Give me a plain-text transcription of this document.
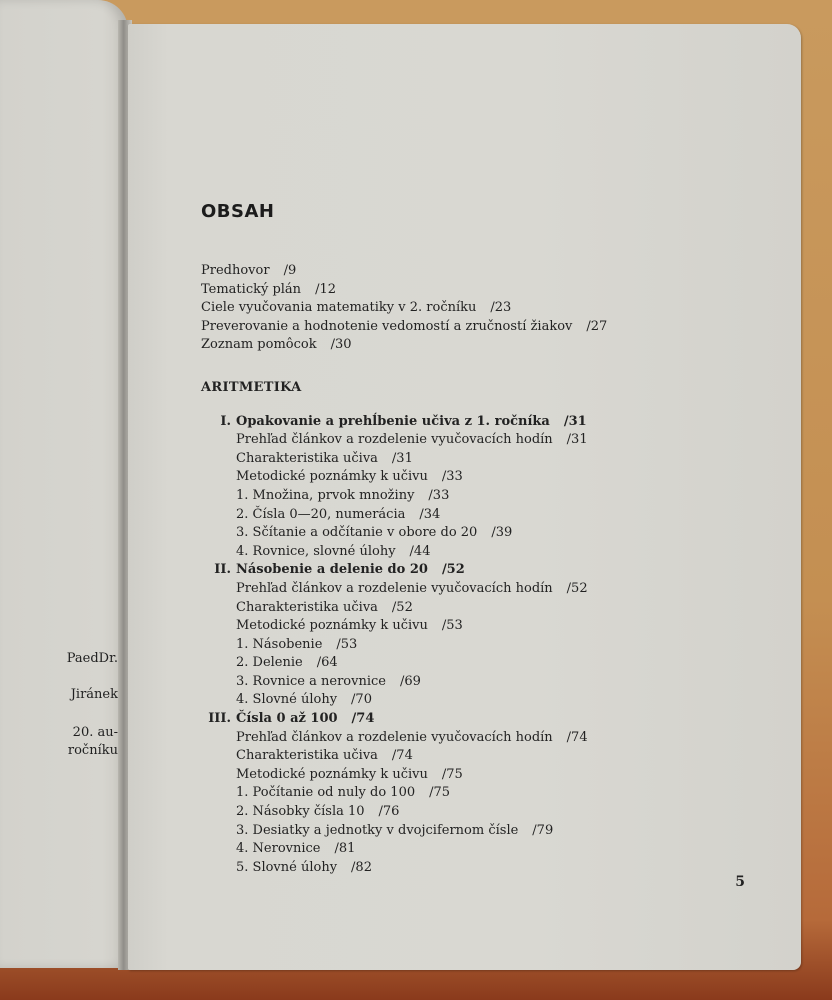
PaedDr.
Jiránek
20. au-
ročníku
OBSAH
Predhovor /9
Tematický plán /12
Ciele vyučovania matematiky v 2. ročníku /23
Preverovanie a hodnotenie vedomostí a zručností žiakov /27
Zoznam pomôcok /30
ARITMETIKA
I. Opakovanie a prehĺbenie učiva z 1. ročníka /31
Prehľad článkov a rozdelenie vyučovacích hodín /31
Charakteristika učiva /31
Metodické poznámky k učivu /33
1. Množina, prvok množiny /33
2. Čísla 0—20, numerácia /34
3. Sčítanie a odčítanie v obore do 20 /39
4. Rovnice, slovné úlohy /44
II. Násobenie a delenie do 20 /52
Prehľad článkov a rozdelenie vyučovacích hodín /52
Charakteristika učiva /52
Metodické poznámky k učivu /53
1. Násobenie /53
2. Delenie /64
3. Rovnice a nerovnice /69
4. Slovné úlohy /70
III. Čísla 0 až 100 /74
Prehľad článkov a rozdelenie vyučovacích hodín /74
Charakteristika učiva /74
Metodické poznámky k učivu /75
1. Počítanie od nuly do 100 /75
2. Násobky čísla 10 /76
3. Desiatky a jednotky v dvojcifernom čísle /79
4. Nerovnice /81
5. Slovné úlohy /82
5
